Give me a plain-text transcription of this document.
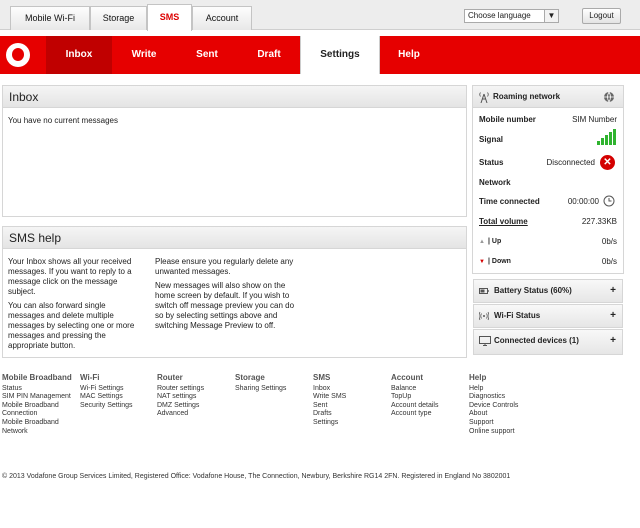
Mobile Wi-Fi	Storage	SMS	Account	Choose language	▼	Logout
Inbox	Write	Sent	Draft	Settings	Help
Inbox
You have no current messages
SMS help

Your Inbox shows all your received messages. If you want to reply to a message click on the message subject.

You can also forward single messages and delete multiple messages by selecting one or more messages and pressing the appropriate button.

Please ensure you regularly delete any unwanted messages.

New messages will also show on the home screen by default. If you wish to switch off message preview you can do so by selecting settings above and switching Message Preview to off.

Roaming network
Mobile number	SIM Number
Signal
Status	Disconnected ✕
Network
Time connected	00:00:00
Total volume	227.33KB
▲ | Up	0b/s
▼ | Down	0b/s
Battery Status (60%)	+
Wi-Fi Status	+
Connected devices (1)	+
Mobile Broadband
Status
SIM PIN Management
Mobile Broadband Connection
Mobile Broadband Network
Wi-Fi
Wi-Fi Settings
MAC Settings
Security Settings
Router
Router settings
NAT settings
DMZ Settings
Advanced
Storage
Sharing Settings
SMS
Inbox
Write SMS
Sent
Drafts
Settings
Account
Balance
TopUp
Account details
Account type
Help
Help
Diagnostics
Device Controls
About
Support
Online support
© 2013 Vodafone Group Services Limited, Registered Office: Vodafone House, The Connection, Newbury, Berkshire RG14 2FN. Registered in England No 3802001
